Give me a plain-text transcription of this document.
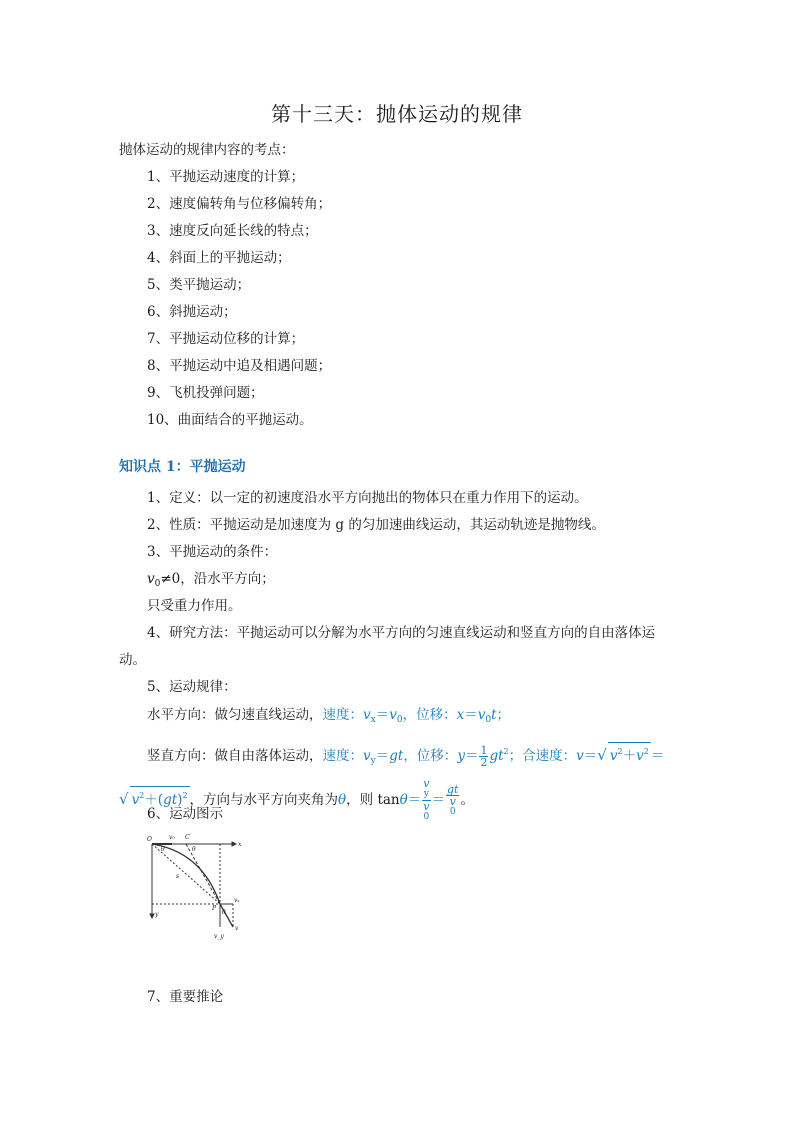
第十三天：抛体运动的规律
抛体运动的规律内容的考点：
1、平抛运动速度的计算；
2、速度偏转角与位移偏转角；
3、速度反向延长线的特点；
4、斜面上的平抛运动；
5、类平抛运动；
6、斜抛运动；
7、平抛运动位移的计算；
8、平抛运动中追及相遇问题；
9、飞机投弹问题；
10、曲面结合的平抛运动。
知识点 1：平抛运动
1、定义：以一定的初速度沿水平方向抛出的物体只在重力作用下的运动。
2、性质：平抛运动是加速度为 g 的匀加速曲线运动，其运动轨迹是抛物线。
3、平抛运动的条件：
$v_0\ne 0$，沿水平方向；
只受重力作用。
4、研究方法：平抛运动可以分解为水平方向的匀速直线运动和竖直方向的自由落体运
动。
5、运动规律：
水平方向：做匀速直线运动，速度：$v_x=v_0$，位移：$x=v_0t$；
竖直方向：做自由落体运动，速度：$v_y=gt$，位移：$y= \frac{1}{2} gt^2$；合速度：v＝√ $v^2+v^2$ ＝
√ $v^2+(gt)^2$ ，方向与水平方向夹角为θ，则 tanθ＝ v
y
v
0 ＝ gt
v
0 。
6、运动图示
O	v₀ C
θ	θ
x
y
s
P
θ
vₓ
v
v_y
7、重要推论
